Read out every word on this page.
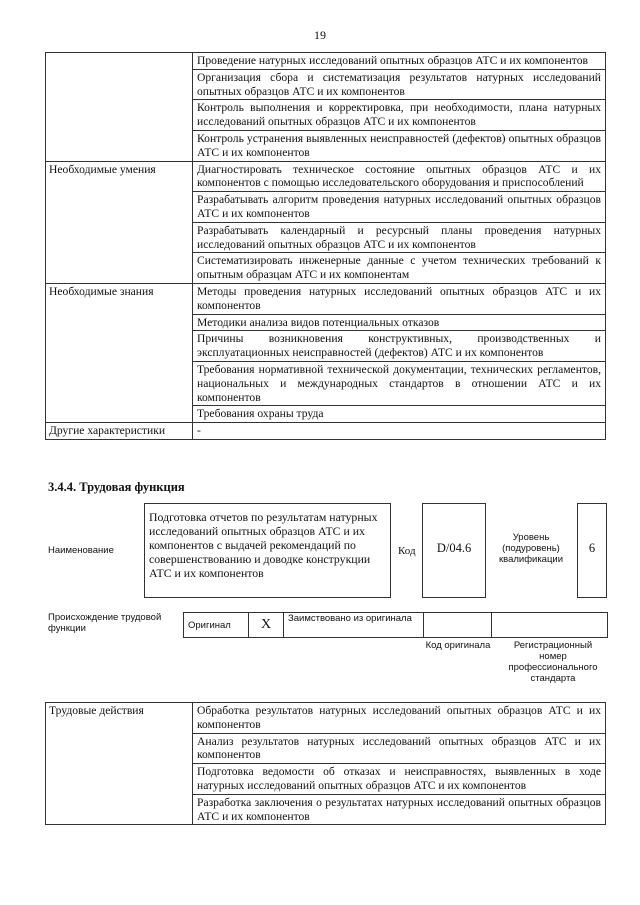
19
	Проведение натурных исследований опытных образцов АТС и их компонентов
	Организация сбора и систематизация результатов натурных исследований опытных образцов АТС и их компонентов
	Контроль выполнения и корректировка, при необходимости, плана натурных исследований опытных образцов АТС и их компонентов
	Контроль устранения выявленных неисправностей (дефектов) опытных образцов АТС и их компонентов
Необходимые умения	Диагностировать техническое состояние опытных образцов АТС и их компонентов с помощью исследовательского оборудования и приспособлений
	Разрабатывать алгоритм проведения натурных исследований опытных образцов АТС и их компонентов
	Разрабатывать календарный и ресурсный планы проведения натурных исследований опытных образцов АТС и их компонентов
	Систематизировать инженерные данные с учетом технических требований к опытным образцам АТС и их компонентам
Необходимые знания	Методы проведения натурных исследований опытных образцов АТС и их компонентов
	Методики анализа видов потенциальных отказов
	Причины возникновения конструктивных, производственных и эксплуатационных неисправностей (дефектов) АТС и их компонентов
	Требования нормативной технической документации, технических регламентов, национальных и международных стандартов в отношении АТС и их компонентов
	Требования охраны труда
Другие характеристики	-
3.4.4. Трудовая функция
Наименование
Подготовка отчетов по результатам натурных исследований опытных образцов АТС и их компонентов с выдачей рекомендаций по совершенствованию и доводке конструкции АТС и их компонентов
Код	D/04.6
Уровень (подуровень) квалификации
6
Происхождение трудовой функции	Оригинал	X	Заимствовано из оригинала		
Код оригинала	Регистрационный номер профессионального стандарта
Трудовые действия	Обработка результатов натурных исследований опытных образцов АТС и их компонентов
Анализ результатов натурных исследований опытных образцов АТС и их компонентов
Подготовка ведомости об отказах и неисправностях, выявленных в ходе натурных исследований опытных образцов АТС и их компонентов
Разработка заключения о результатах натурных исследований опытных образцов АТС и их компонентов
